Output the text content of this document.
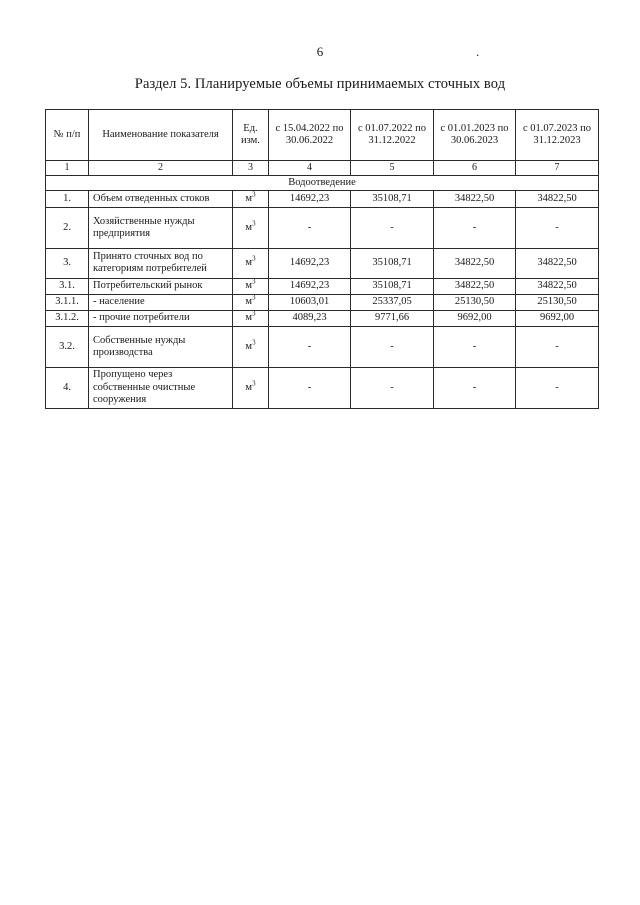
6	.
Раздел 5. Планируемые объемы принимаемых сточных вод
№ п/п	Наименование показателя	Ед. изм.	с 15.04.2022 по 30.06.2022	с 01.07.2022 по 31.12.2022	с 01.01.2023 по 30.06.2023	с 01.07.2023 по 31.12.2023
1	2	3	4	5	6	7
Водоотведение						
1.	Объем отведенных стоков	$м^3$	14692,23	35108,71	34822,50	34822,50
2.	Хозяйственные нужды предприятия	$м^3$	-	-	-	-
3.	Принято сточных вод по категориям потребителей	$м^3$	14692,23	35108,71	34822,50	34822,50
3.1.	Потребительский рынок	$м^3$	14692,23	35108,71	34822,50	34822,50
3.1.1.	- население	$м^3$	10603,01	25337,05	25130,50	25130,50
3.1.2.	- прочие потребители	$м^3$	4089,23	9771,66	9692,00	9692,00
3.2.	Собственные нужды производства	$м^3$	-	-	-	-
4.	Пропущено через собственные очистные сооружения	$м^3$	-	-	-	-
